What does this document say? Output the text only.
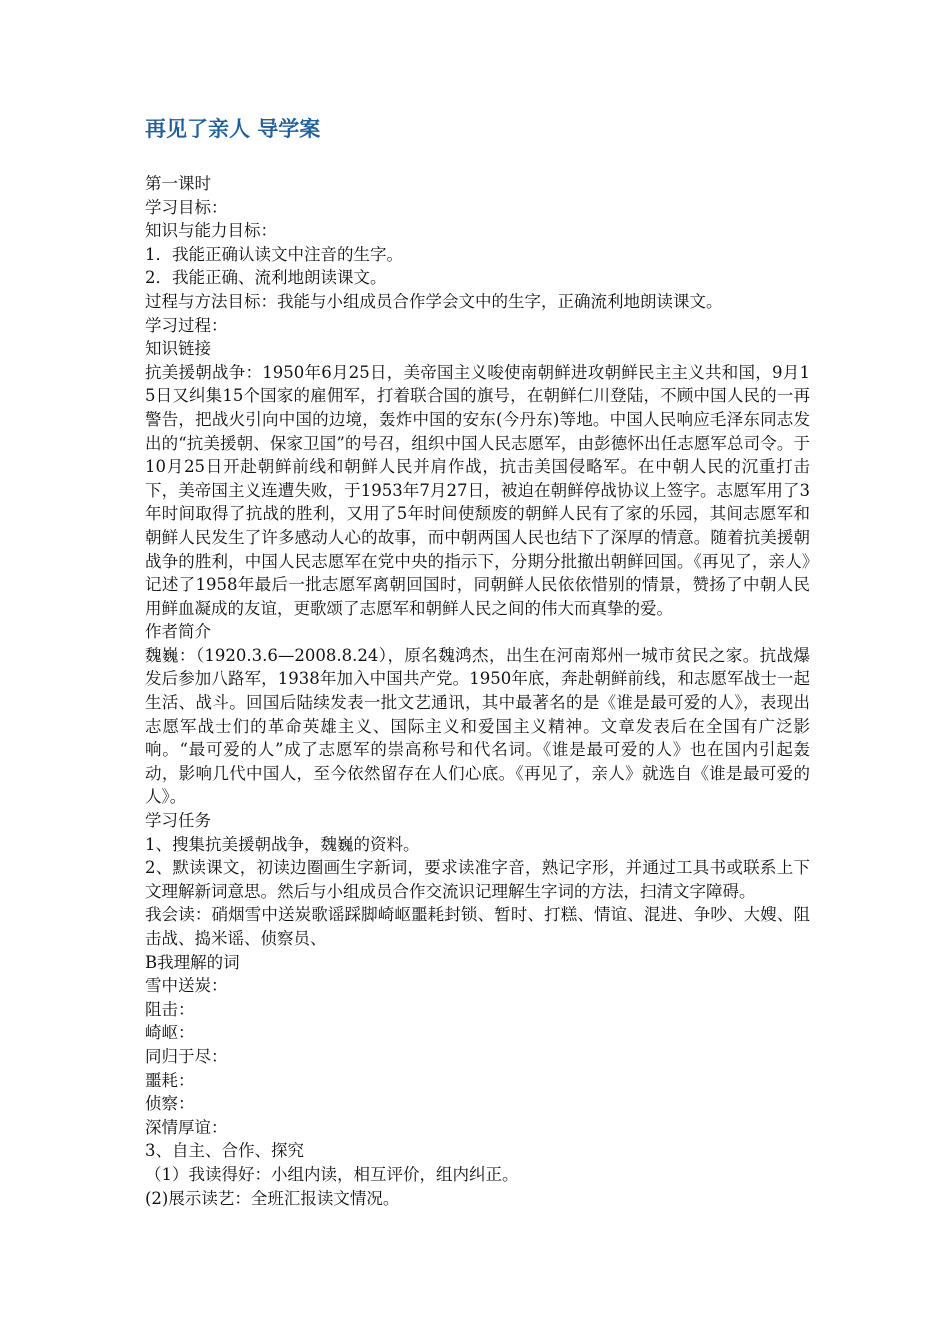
再见了亲人 导学案

第一课时

学习目标：

知识与能力目标：

1．我能正确认读文中注音的生字。

2．我能正确、流利地朗读课文。

过程与方法目标：我能与小组成员合作学会文中的生字，正确流利地朗读课文。

学习过程：

知识链接

抗美援朝战争：1950年6月25日，美帝国主义唆使南朝鲜进攻朝鲜民主主义共和国，9月15日又纠集15个国家的雇佣军，打着联合国的旗号，在朝鲜仁川登陆，不顾中国人民的一再警告，把战火引向中国的边境，轰炸中国的安东(今丹东)等地。中国人民响应毛泽东同志发出的“抗美援朝、保家卫国”的号召，组织中国人民志愿军，由彭德怀出任志愿军总司令。于10月25日开赴朝鲜前线和朝鲜人民并肩作战，抗击美国侵略军。在中朝人民的沉重打击下，美帝国主义连遭失败，于1953年7月27日，被迫在朝鲜停战协议上签字。志愿军用了3年时间取得了抗战的胜利，又用了5年时间使颓废的朝鲜人民有了家的乐园，其间志愿军和朝鲜人民发生了许多感动人心的故事，而中朝两国人民也结下了深厚的情意。随着抗美援朝战争的胜利，中国人民志愿军在党中央的指示下，分期分批撤出朝鲜回国。《再见了，亲人》记述了1958年最后一批志愿军离朝回国时，同朝鲜人民依依惜别的情景，赞扬了中朝人民用鲜血凝成的友谊，更歌颂了志愿军和朝鲜人民之间的伟大而真挚的爱。

作者简介

魏巍：（1920.3.6—2008.8.24），原名魏鸿杰，出生在河南郑州一城市贫民之家。抗战爆发后参加八路军，1938年加入中国共产党。1950年底，奔赴朝鲜前线，和志愿军战士一起生活、战斗。回国后陆续发表一批文艺通讯，其中最著名的是《谁是最可爱的人》，表现出志愿军战士们的革命英雄主义、国际主义和爱国主义精神。文章发表后在全国有广泛影响。“最可爱的人”成了志愿军的崇高称号和代名词。《谁是最可爱的人》也在国内引起轰动，影响几代中国人，至今依然留存在人们心底。《再见了，亲人》就选自《谁是最可爱的人》。

学习任务

1、搜集抗美援朝战争，魏巍的资料。

2、默读课文，初读边圈画生字新词，要求读准字音，熟记字形，并通过工具书或联系上下文理解新词意思。然后与小组成员合作交流识记理解生字词的方法，扫清文字障碍。

我会读：硝烟雪中送炭歌谣踩脚崎岖噩耗封锁、暂时、打糕、情谊、混进、争吵、大嫂、阻击战、捣米谣、侦察员、

B我理解的词

雪中送炭：

阻击：

崎岖：

同归于尽：

噩耗：

侦察：

深情厚谊：

3、自主、合作、探究

（1）我读得好：小组内读，相互评价，组内纠正。

(2)展示读艺：全班汇报读文情况。
